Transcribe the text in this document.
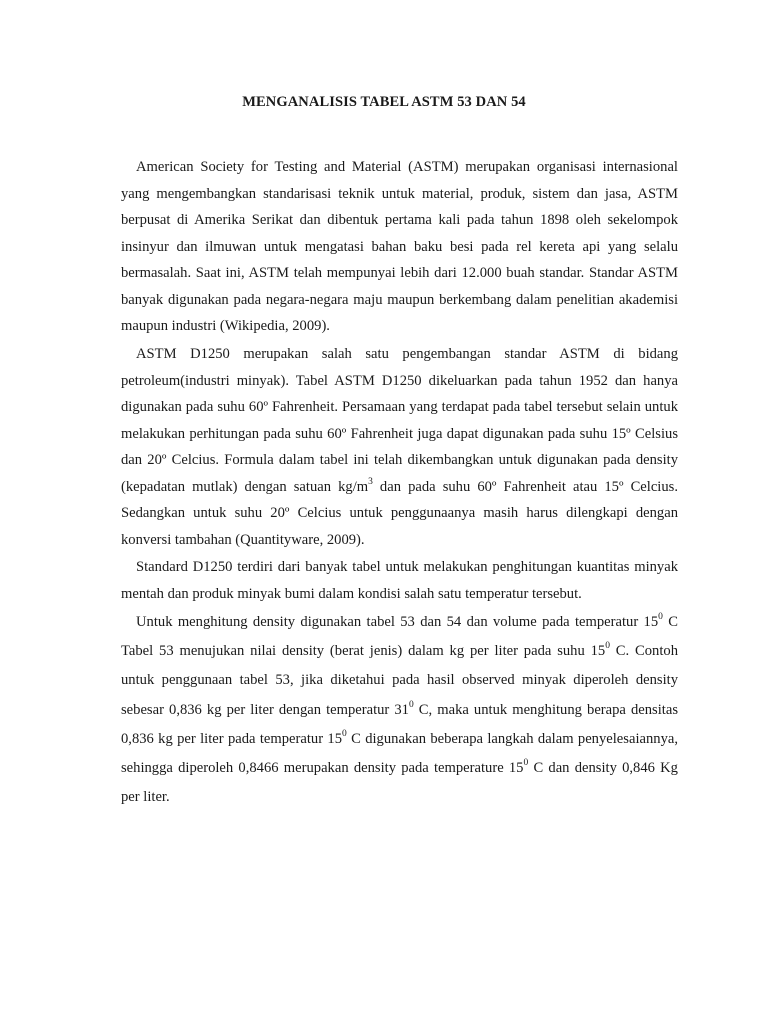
MENGANALISIS TABEL ASTM 53 DAN 54
American Society for Testing and Material (ASTM) merupakan organisasi internasional yang mengembangkan standarisasi teknik untuk material, produk, sistem dan jasa, ASTM berpusat di Amerika Serikat dan dibentuk pertama kali pada tahun 1898 oleh sekelompok insinyur dan ilmuwan untuk mengatasi bahan baku besi pada rel kereta api yang selalu bermasalah. Saat ini, ASTM telah mempunyai lebih dari 12.000 buah standar. Standar ASTM banyak digunakan pada negara-negara maju maupun berkembang dalam penelitian akademisi maupun industri (Wikipedia, 2009).
ASTM D1250 merupakan salah satu pengembangan standar ASTM di bidang petroleum(industri minyak). Tabel ASTM D1250 dikeluarkan pada tahun 1952 dan hanya digunakan pada suhu 60º Fahrenheit. Persamaan yang terdapat pada tabel tersebut selain untuk melakukan perhitungan pada suhu 60º Fahrenheit juga dapat digunakan pada suhu 15º Celsius dan 20º Celcius. Formula dalam tabel ini telah dikembangkan untuk digunakan pada density (kepadatan mutlak) dengan satuan $kg/m^3$ dan pada suhu 60º Fahrenheit atau 15º Celcius. Sedangkan untuk suhu 20º Celcius untuk penggunaanya masih harus dilengkapi dengan konversi tambahan (Quantityware, 2009).
Standard D1250 terdiri dari banyak tabel untuk melakukan penghitungan kuantitas minyak mentah dan produk minyak bumi dalam kondisi salah satu temperatur tersebut.
Untuk menghitung density digunakan tabel 53 dan 54 dan volume pada temperatur $15^0$ C Tabel 53 menujukan nilai density (berat jenis) dalam kg per liter pada suhu $15^0$ C. Contoh untuk penggunaan tabel 53, jika diketahui pada hasil observed minyak diperoleh density sebesar 0,836 kg per liter dengan temperatur $31^0$ C, maka untuk menghitung berapa densitas 0,836 kg per liter pada temperatur $15^0$ C digunakan beberapa langkah dalam penyelesaiannya, sehingga diperoleh 0,8466 merupakan density pada temperature $15^0$ C dan density 0,846 Kg per liter.
